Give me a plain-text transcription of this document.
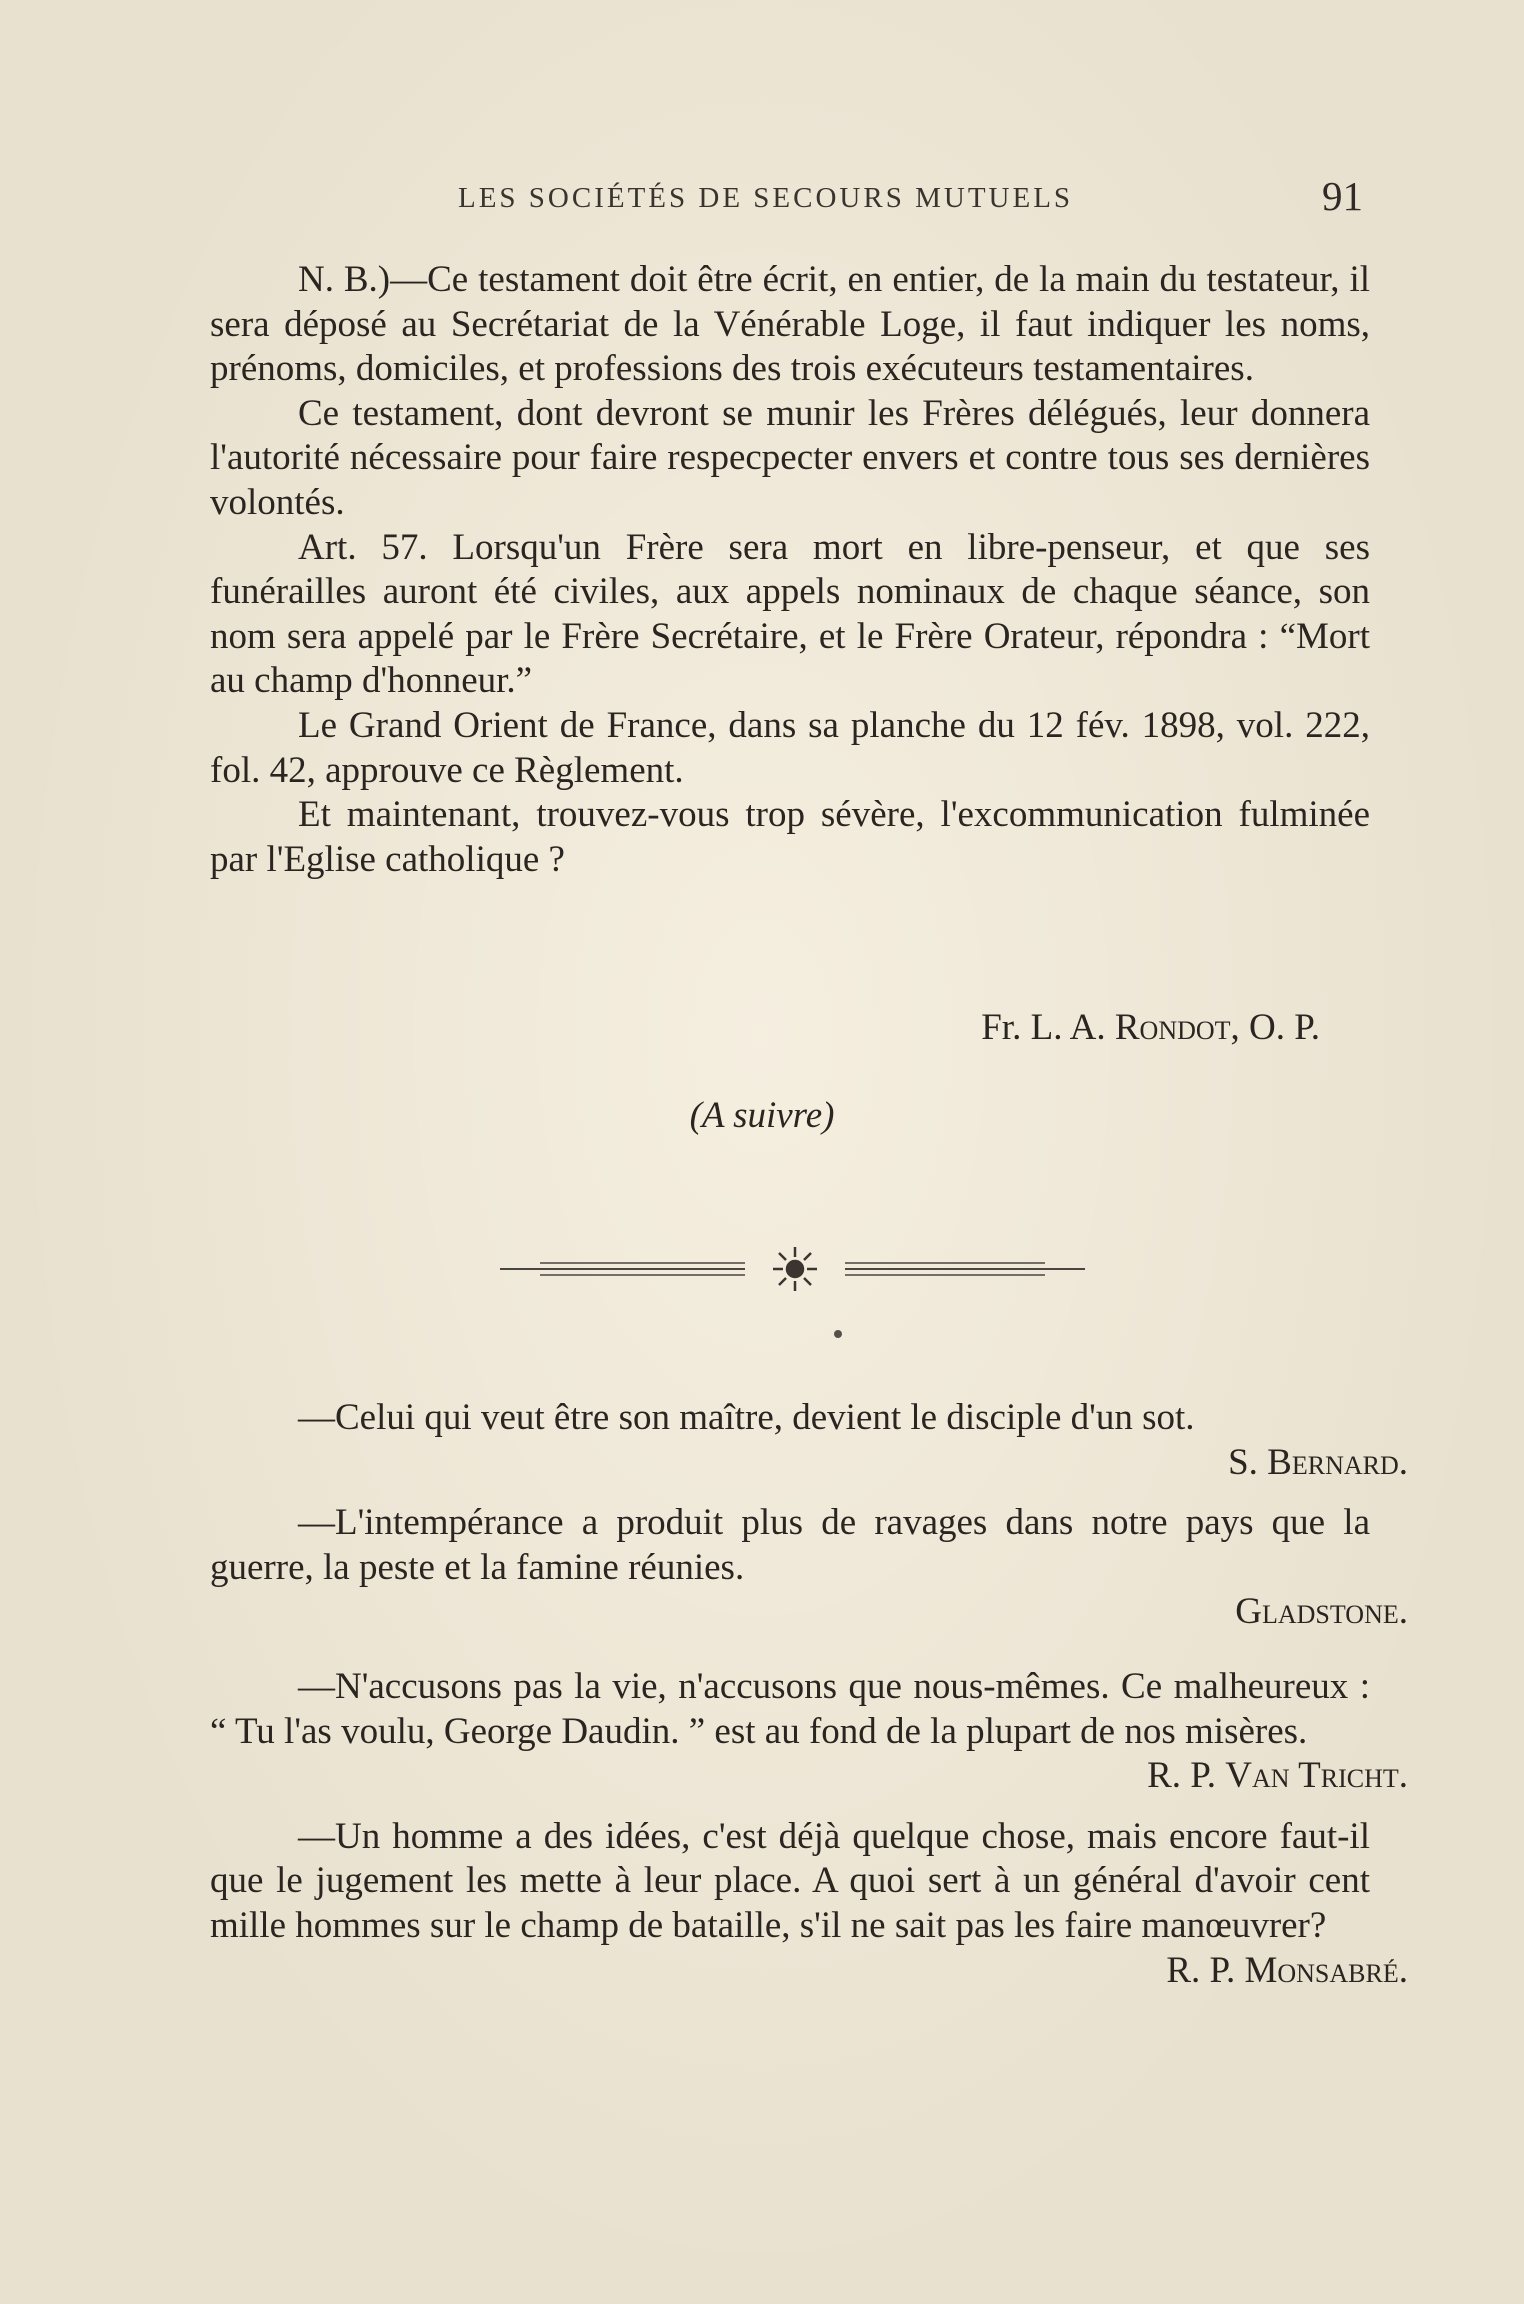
LES SOCIÉTÉS DE SECOURS MUTUELS	91

N. B.)—Ce testament doit être écrit, en entier, de la main du testateur, il sera déposé au Secrétariat de la Vénérable Loge, il faut indiquer les noms, prénoms, domiciles, et professions des trois exécuteurs testamentaires.

Ce testament, dont devront se munir les Frères délégués, leur donnera l'autorité nécessaire pour faire respecpecter envers et contre tous ses dernières volontés.

Art. 57. Lorsqu'un Frère sera mort en libre-penseur, et que ses funérailles auront été civiles, aux appels nominaux de chaque séance, son nom sera appelé par le Frère Secrétaire, et le Frère Orateur, répondra : “Mort au champ d'honneur.”

Le Grand Orient de France, dans sa planche du 12 fév. 1898, vol. 222, fol. 42, approuve ce Règlement.

Et maintenant, trouvez-vous trop sévère, l'excommunication fulminée par l'Eglise catholique ?

Fr. L. A. Rondot, O. P.

(A suivre)

—Celui qui veut être son maître, devient le disciple d'un sot.

S. Bernard.

—L'intempérance a produit plus de ravages dans notre pays que la guerre, la peste et la famine réunies.

Gladstone.

—N'accusons pas la vie, n'accusons que nous-mêmes. Ce malheureux : “ Tu l'as voulu, George Daudin. ” est au fond de la plupart de nos misères.

R. P. Van Tricht.

—Un homme a des idées, c'est déjà quelque chose, mais encore faut-il que le jugement les mette à leur place. A quoi sert à un général d'avoir cent mille hommes sur le champ de bataille, s'il ne sait pas les faire manœuvrer?

R. P. Monsabré.
